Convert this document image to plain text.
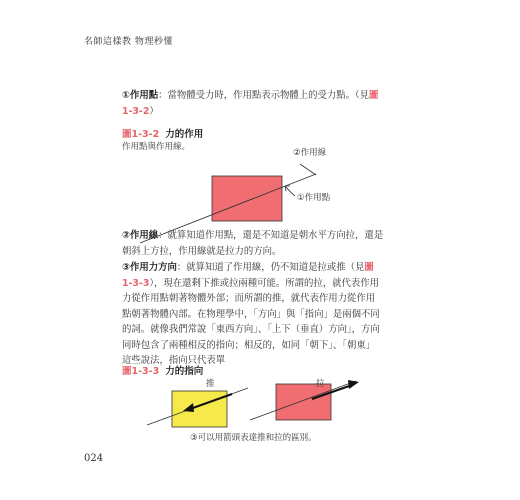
名師這樣教 物理秒懂
①作用點：當物體受力時，作用點表示物體上的受力點。（見圖1-3-2）
圖1-3-2 力的作用
作用點與作用線。
②作用線
①作用點
②作用線：就算知道作用點，還是不知道是朝水平方向拉，還是朝斜上方拉，作用線就是拉力的方向。
③作用力方向：就算知道了作用線，仍不知道是拉或推（見圖1-3-3），現在還剩下推或拉兩種可能。所謂的拉，就代表作用力從作用點朝著物體外部；而所謂的推，就代表作用力從作用點朝著物體內部。在物理學中，「方向」與「指向」是兩個不同的詞。就像我們常說「東西方向」、「上下（垂直）方向」，方向同時包含了兩種相反的指向；相反的，如同「朝下」、「朝東」這些說法，指向只代表單
圖1-3-3 力的指向
推	拉
③可以用箭頭表達推和拉的區別。
024
